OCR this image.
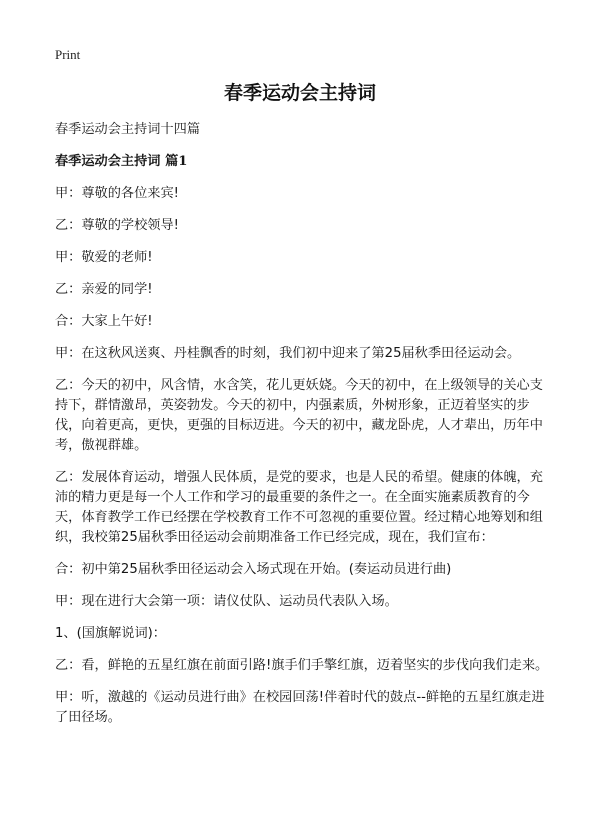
Print
春季运动会主持词

春季运动会主持词十四篇

春季运动会主持词 篇1

甲：尊敬的各位来宾!

乙：尊敬的学校领导!

甲：敬爱的老师!

乙：亲爱的同学!

合：大家上午好!

甲：在这秋风送爽、丹桂飘香的时刻，我们初中迎来了第25届秋季田径运动会。

乙：今天的初中，风含情，水含笑，花儿更妖娆。今天的初中，在上级领导的关心支持下，群情激昂，英姿勃发。今天的初中，内强素质，外树形象，正迈着坚实的步伐，向着更高，更快，更强的目标迈进。今天的初中，藏龙卧虎，人才辈出，历年中考，傲视群雄。

乙：发展体育运动，增强人民体质，是党的要求，也是人民的希望。健康的体魄，充沛的精力更是每一个人工作和学习的最重要的条件之一。在全面实施素质教育的今天，体育教学工作已经摆在学校教育工作不可忽视的重要位置。经过精心地筹划和组织，我校第25届秋季田径运动会前期准备工作已经完成，现在，我们宣布：

合：初中第25届秋季田径运动会入场式现在开始。(奏运动员进行曲)

甲：现在进行大会第一项：请仪仗队、运动员代表队入场。

1、(国旗解说词)：

乙：看，鲜艳的五星红旗在前面引路!旗手们手擎红旗，迈着坚实的步伐向我们走来。

甲：听，激越的《运动员进行曲》在校园回荡!伴着时代的鼓点--鲜艳的五星红旗走进了田径场。
